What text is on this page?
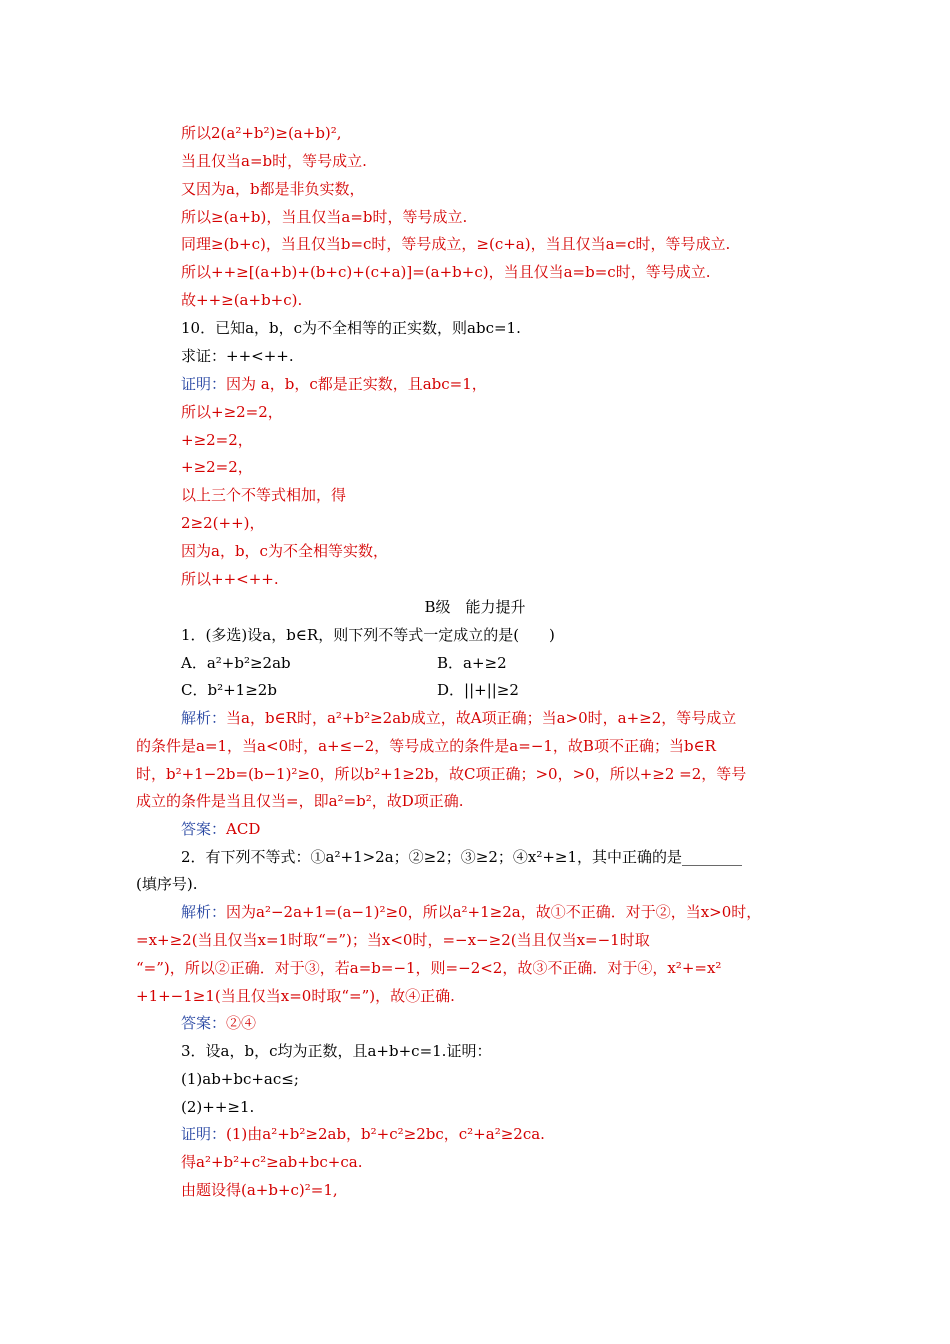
所以2(a²+b²)≥(a+b)²,
当且仅当a=b时，等号成立.
又因为a，b都是非负实数，
所以≥(a+b)，当且仅当a=b时，等号成立.
同理≥(b+c)，当且仅当b=c时，等号成立，≥(c+a)，当且仅当a=c时，等号成立.
所以++≥[(a+b)+(b+c)+(c+a)]=(a+b+c)，当且仅当a=b=c时，等号成立.
故++≥(a+b+c).
10．已知a，b，c为不全相等的正实数，则abc=1.
求证：++<++.
证明：因为 a，b，c都是正实数，且abc=1，
所以+≥2=2，
+≥2=2，
+≥2=2，
以上三个不等式相加，得
2≥2(++)，
因为a，b，c为不全相等实数，
所以++<++.
B级　能力提升
1．(多选)设a，b∈R，则下列不等式一定成立的是(　　)
A．a²+b²≥2ab	B．a+≥2
C．b²+1≥2b	D．||+||≥2
解析：当a，b∈R时，a²+b²≥2ab成立，故A项正确；当a>0时，a+≥2，等号成立
的条件是a=1，当a<0时，a+≤−2，等号成立的条件是a=−1，故B项不正确；当b∈R
时，b²+1−2b=(b−1)²≥0，所以b²+1≥2b，故C项正确；>0，>0，所以+≥2 =2，等号
成立的条件是当且仅当=，即a²=b²，故D项正确.
答案：ACD
2．有下列不等式：①a²+1>2a；②≥2；③≥2；④x²+≥1，其中正确的是________
(填序号).
解析：因为a²−2a+1=(a−1)²≥0，所以a²+1≥2a，故①不正确．对于②，当x>0时，
=x+≥2(当且仅当x=1时取“=”)；当x<0时，=−x−≥2(当且仅当x=−1时取
“=”)，所以②正确．对于③，若a=b=−1，则=−2<2，故③不正确．对于④，x²+=x²
+1+−1≥1(当且仅当x=0时取“=”)，故④正确.
答案：②④
3．设a，b，c均为正数，且a+b+c=1.证明：
(1)ab+bc+ac≤;
(2)++≥1.
证明：(1)由a²+b²≥2ab，b²+c²≥2bc，c²+a²≥2ca.
得a²+b²+c²≥ab+bc+ca.
由题设得(a+b+c)²=1,
